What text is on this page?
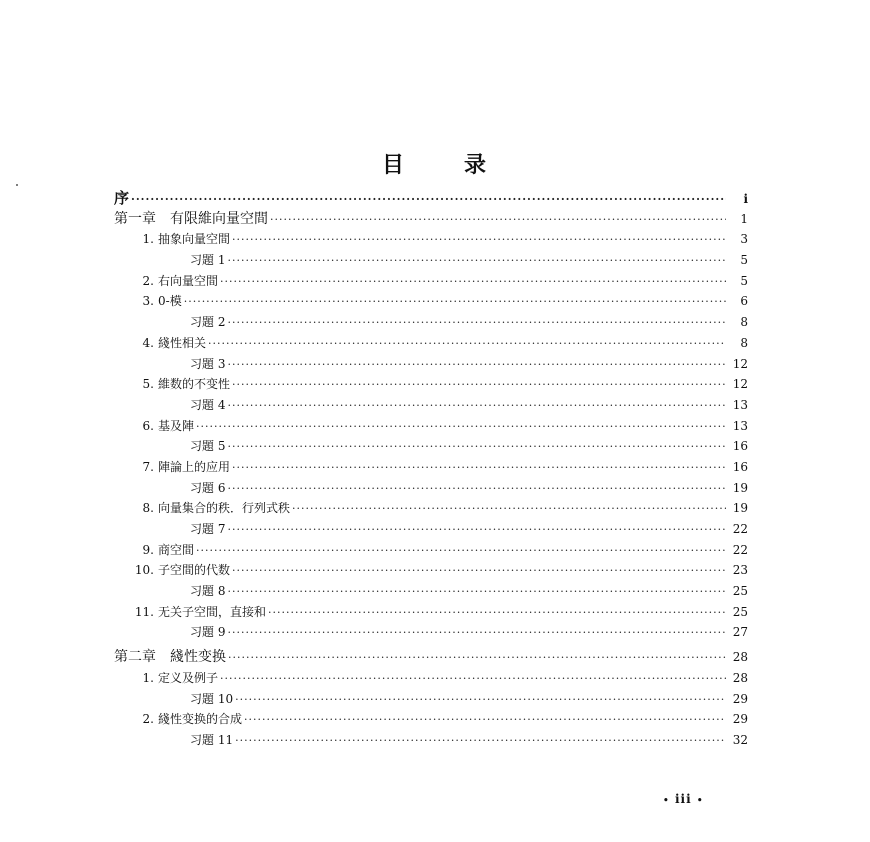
目	录
序 ·····	i
第一章　有限維向量空間 ·····	1
1. 抽象向量空間 ·····	3
习題 1 ·····	5
2. 右向量空間 ·····	5
3. 0-模 ·····	6
习題 2 ·····	8
4. 綫性相关 ·····	8
习題 3 ·····	12
5. 維数的不变性 ·····	12
习題 4 ·····	13
6. 基及陣 ·····	13
习題 5 ·····	16
7. 陣論上的应用 ·····	16
习題 6 ·····	19
8. 向量集合的秩．行列式秩 ·····	19
习題 7 ·····	22
9. 商空間 ·····	22
10. 子空間的代数 ·····	23
习題 8 ·····	25
11. 无关子空間，直接和 ·····	25
习題 9 ·····	27
第二章　綫性变换 ·····	28
1. 定义及例子 ·····	28
习題 10 ·····	29
2. 綫性变换的合成 ·····	29
习題 11 ·····	32
• iii •
